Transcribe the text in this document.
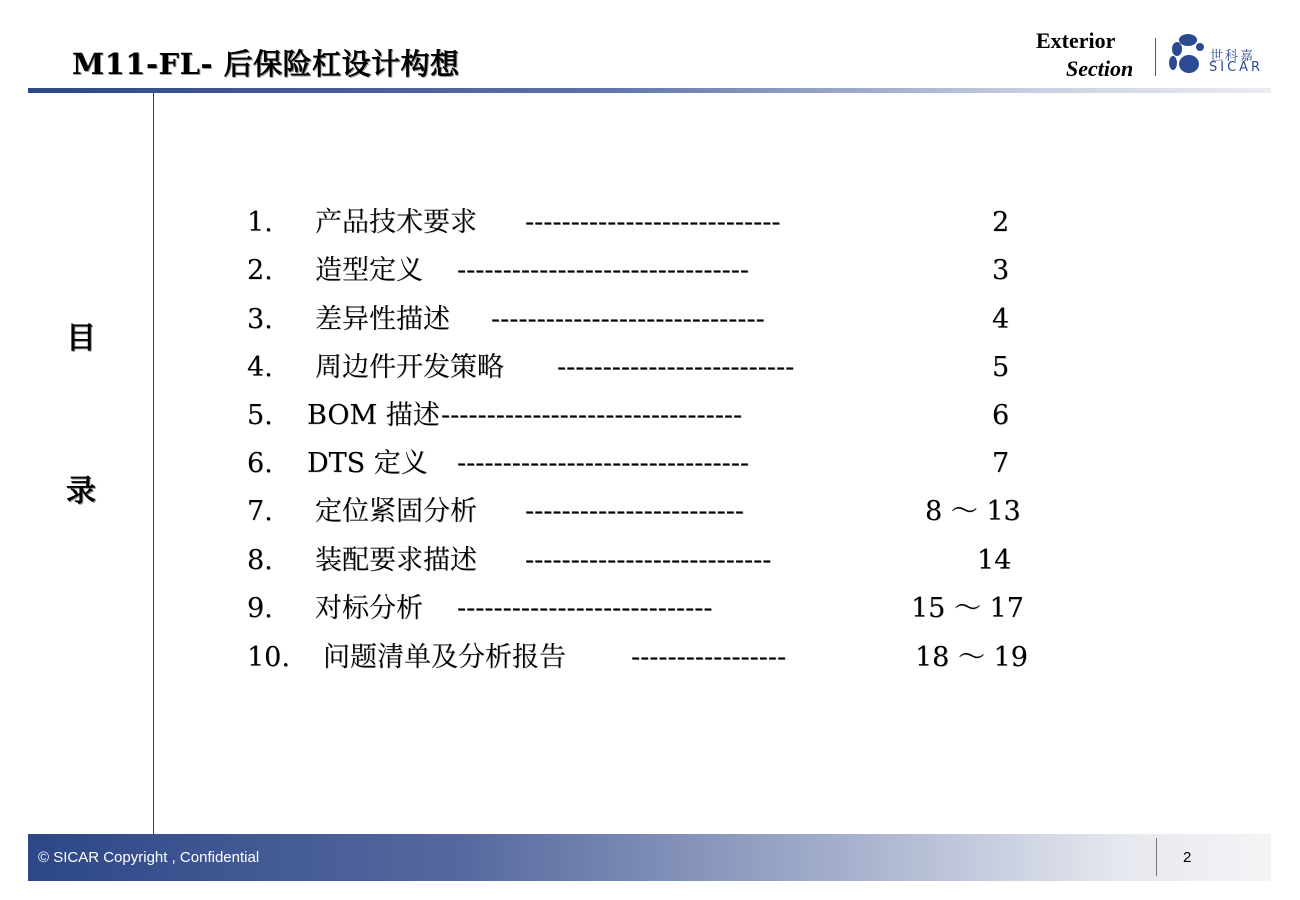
M11-FL- 后保险杠设计构想
Exterior
Section	世科嘉
SICAR
目
录
1. 产品技术要求 ----------------------------	2
2. 造型定义 --------------------------------	3
3. 差异性描述 ------------------------------	4
4. 周边件开发策略 --------------------------	5
5. BOM 描述 ---------------------------------	6
6. DTS 定义 --------------------------------	7
7. 定位紧固分析 ------------------------	8 ～ 13
8. 装配要求描述 ---------------------------	14
9. 对标分析 ----------------------------	15 ～ 17
10. 问题清单及分析报告 -----------------	18 ～ 19
© SICAR Copyright , Confidential	2
